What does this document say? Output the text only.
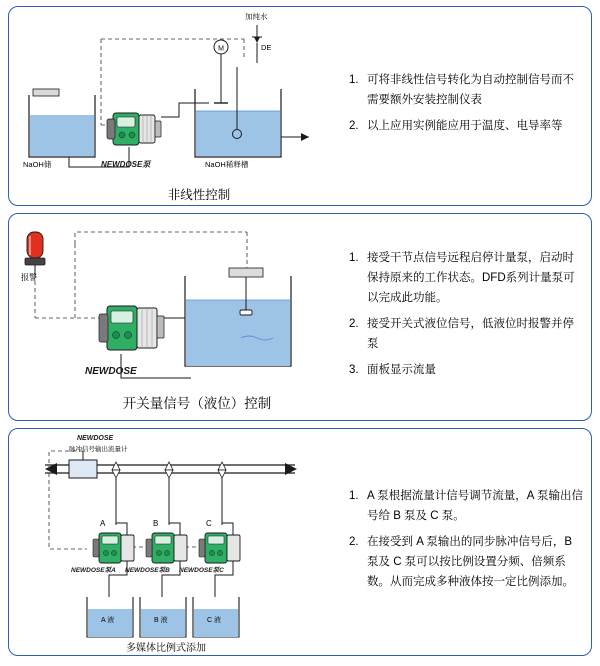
M
加纯水
DE
NaOH储	NEWDOSE泵	NaOH稀释槽
非线性控制
1. 可将非线性信号转化为自动控制信号而不需要额外安装控制仪表
2. 以上应用实例能应用于温度、电导率等
报警
NEWDOSE
开关量信号（液位）控制
1. 接受干节点信号远程启停计量泵，启动时保持原来的工作状态。DFD系列计量泵可以完成此功能。
2. 接受开关式液位信号，低液位时报警并停泵
3. 面板显示流量
NEWDOSE
脉冲信号输出流量计
A	B	C
NEWDOSE泵A NEWDOSE泵B NEWDOSE泵C
A 液	B 液	C 液
多媒体比例式添加
1. A 泵根据流量计信号调节流量，A 泵输出信号给 B 泵及 C 泵。
2. 在接受到 A 泵输出的同步脉冲信号后，B 泵及 C 泵可以按比例设置分频、倍频系数。从而完成多种液体按一定比例添加。
